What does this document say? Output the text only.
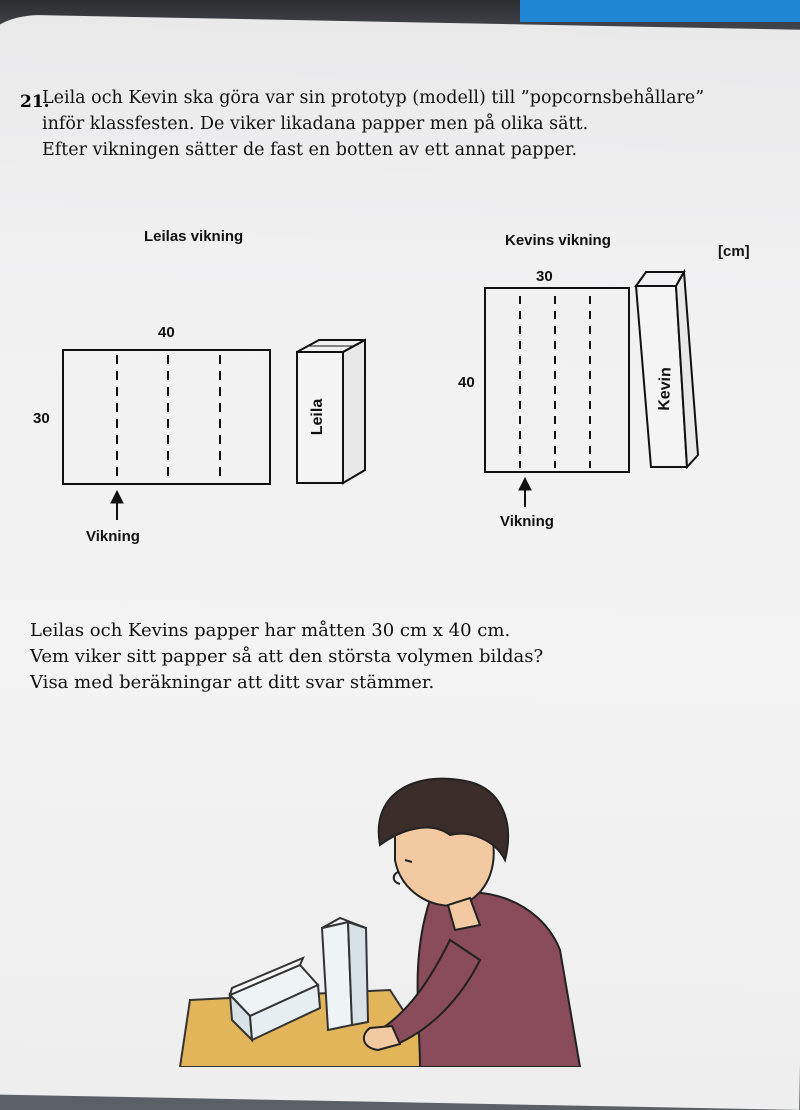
21.
Leila och Kevin ska göra var sin prototyp (modell) till ”popcornsbehållare”
inför klassfesten. De viker likadana papper men på olika sätt.
Efter vikningen sätter de fast en botten av ett annat papper.
Leilas vikning	Kevins vikning
[cm]
40
30
30
40
Vikning
Vikning
Leila
Kevin
Leilas och Kevins papper har måtten 30 cm x 40 cm.
Vem viker sitt papper så att den största volymen bildas?
Visa med beräkningar att ditt svar stämmer.
